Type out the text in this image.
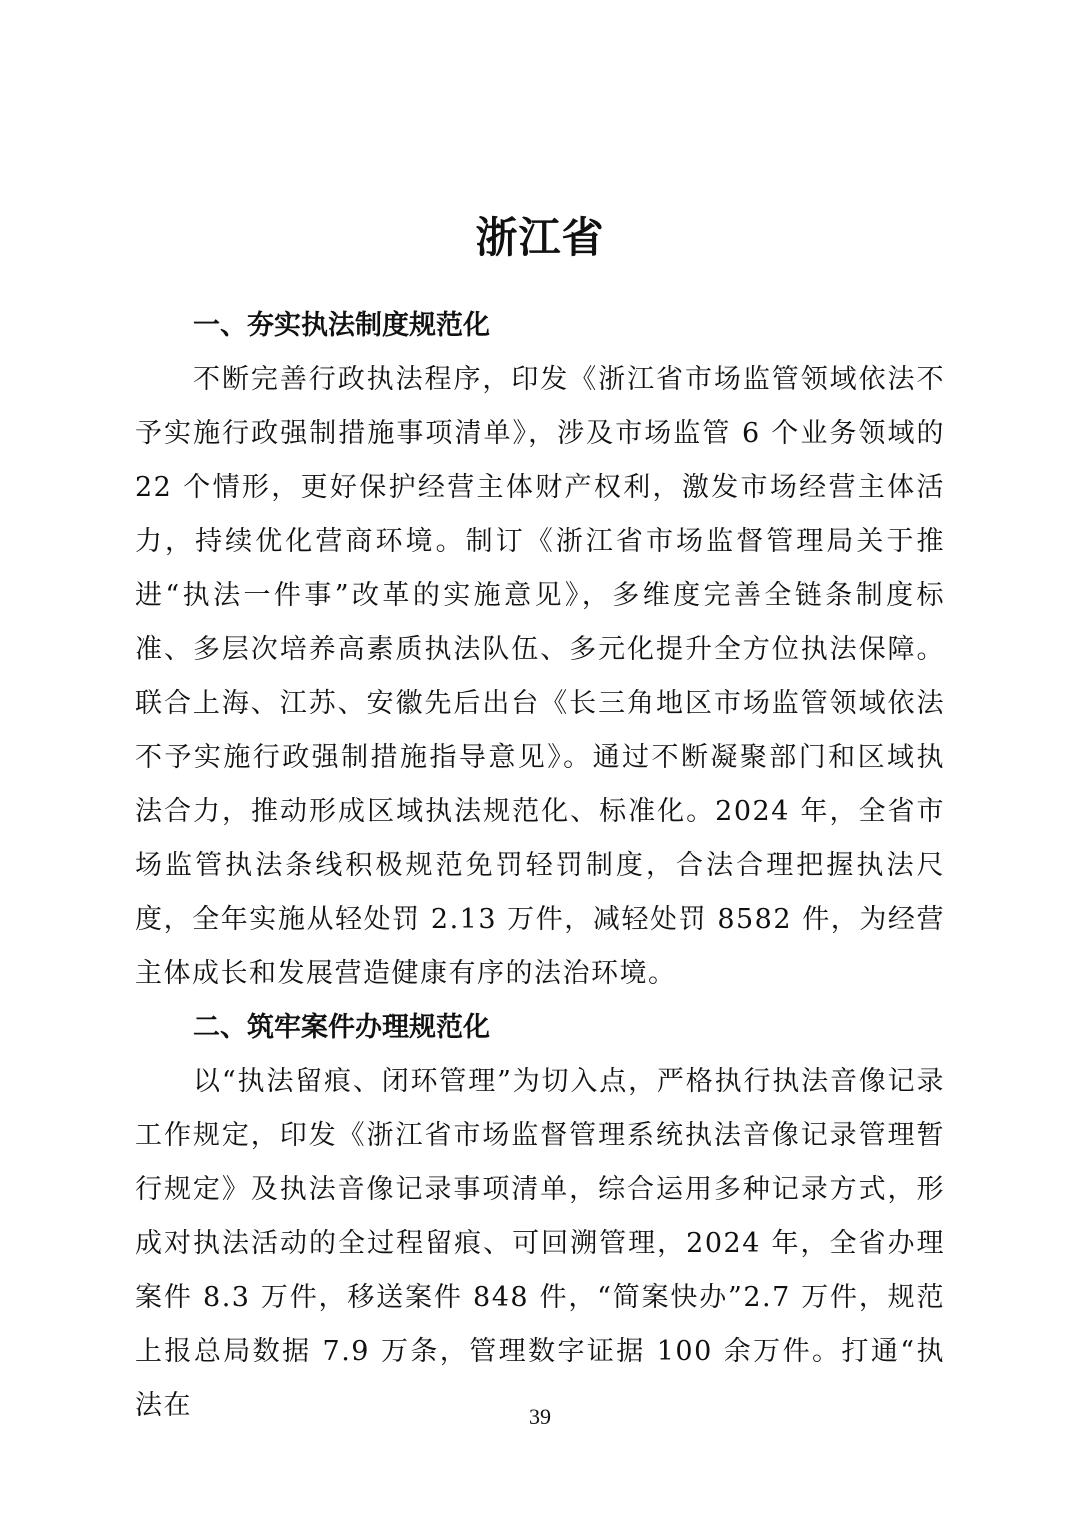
浙江省
一、夯实执法制度规范化

不断完善行政执法程序，印发《浙江省市场监管领域依法不予实施行政强制措施事项清单》，涉及市场监管 6 个业务领域的 22 个情形，更好保护经营主体财产权利，激发市场经营主体活力，持续优化营商环境。制订《浙江省市场监督管理局关于推进“执法一件事”改革的实施意见》，多维度完善全链条制度标准、多层次培养高素质执法队伍、多元化提升全方位执法保障。联合上海、江苏、安徽先后出台《长三角地区市场监管领域依法不予实施行政强制措施指导意见》。通过不断凝聚部门和区域执法合力，推动形成区域执法规范化、标准化。2024 年，全省市场监管执法条线积极规范免罚轻罚制度，合法合理把握执法尺度，全年实施从轻处罚 2.13 万件，减轻处罚 8582 件，为经营主体成长和发展营造健康有序的法治环境。

二、筑牢案件办理规范化

以“执法留痕、闭环管理”为切入点，严格执行执法音像记录工作规定，印发《浙江省市场监督管理系统执法音像记录管理暂行规定》及执法音像记录事项清单，综合运用多种记录方式，形成对执法活动的全过程留痕、可回溯管理，2024 年，全省办理案件 8.3 万件，移送案件 848 件，“简案快办”2.7 万件，规范上报总局数据 7.9 万条，管理数字证据 100 余万件。打通“执法在	39
